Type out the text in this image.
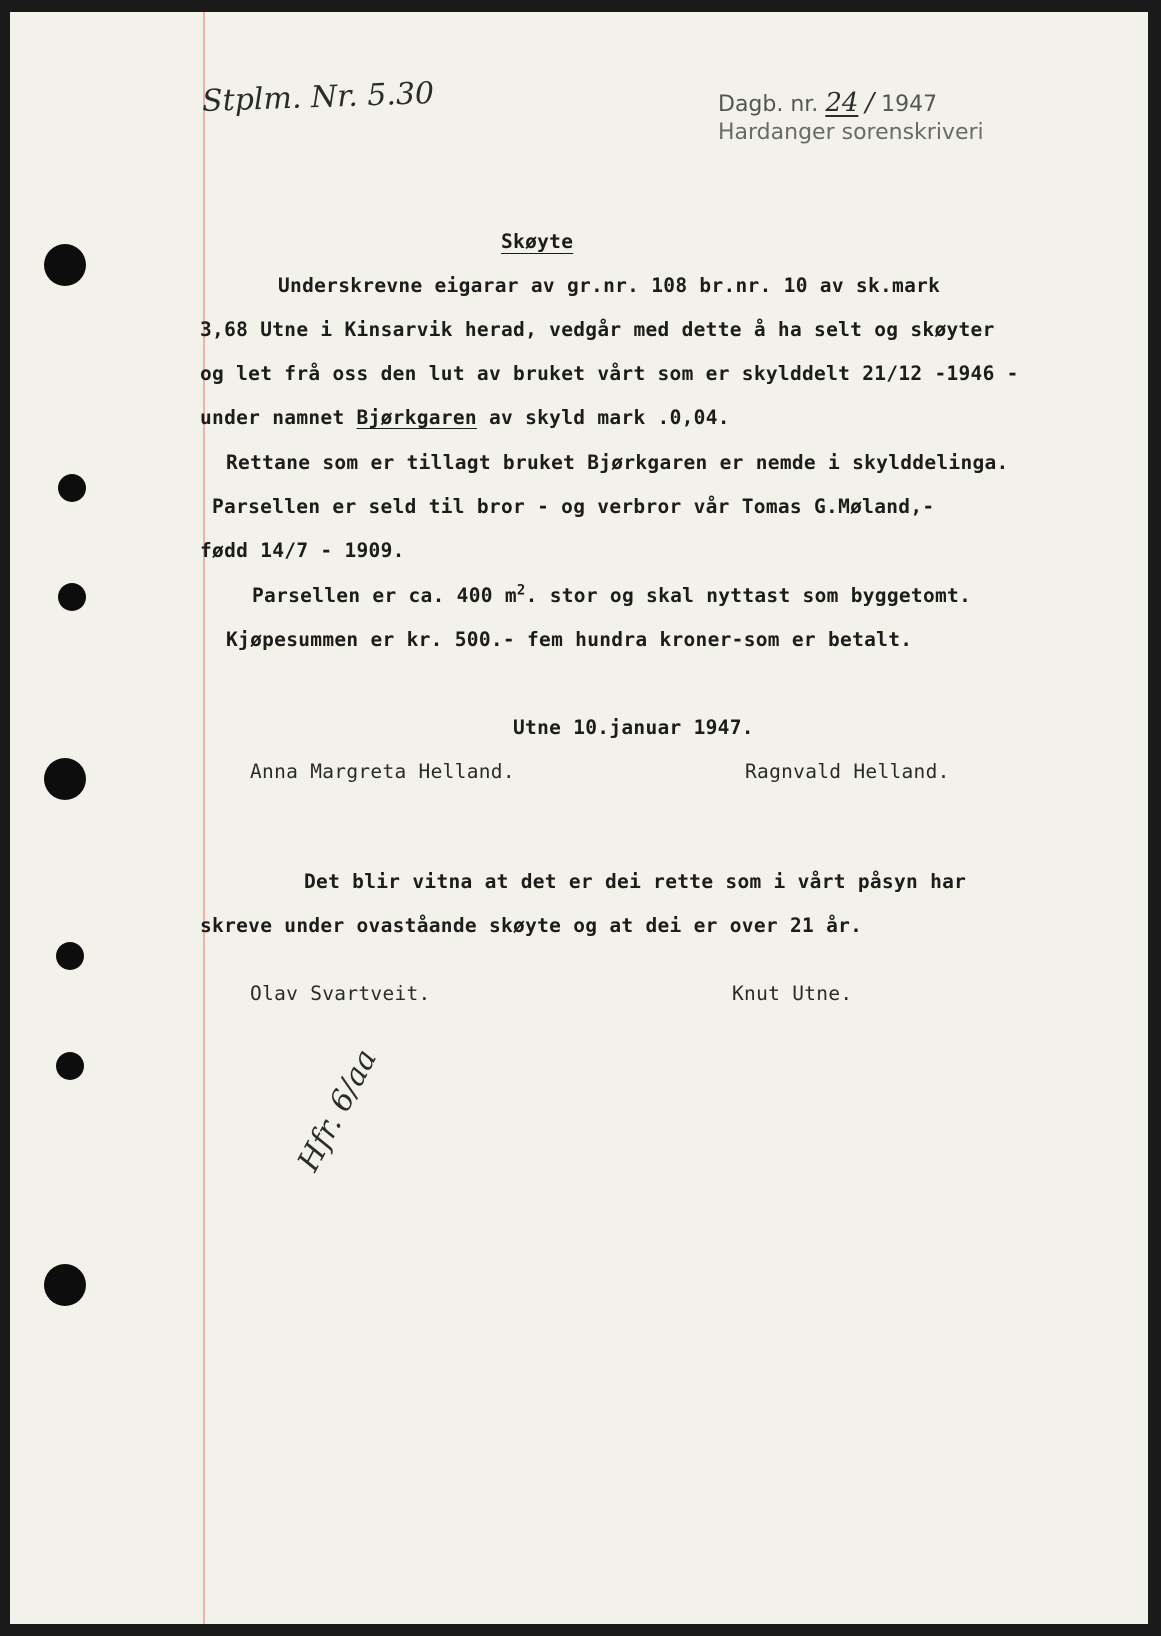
Stplm. Nr. 5.30	Dagb. nr. 24 / 1947
Hardanger sorenskriveri
Skøyte
Underskrevne eigarar av gr.nr. 108 br.nr. 10 av sk.mark
3,68 Utne i Kinsarvik herad, vedgår med dette å ha selt og skøyter
og let frå oss den lut av bruket vårt som er skylddelt 21/12 -1946 -
under namnet Bjørkgaren av skyld mark .0,04.
Rettane som er tillagt bruket Bjørkgaren er nemde i skylddelinga.
Parsellen er seld til bror - og verbror vår Tomas G.Møland,-
fødd 14/7 - 1909.
Parsellen er ca. 400 $m^2$. stor og skal nyttast som byggetomt.
Kjøpesummen er kr. 500.- fem hundra kroner-som er betalt.
Utne 10.januar 1947.
Anna Margreta Helland.	Ragnvald Helland.
Det blir vitna at det er dei rette som i vårt påsyn har
skreve under ovaståande skøyte og at dei er over 21 år.
Olav Svartveit.	Knut Utne.
Hfr. 6/aa
